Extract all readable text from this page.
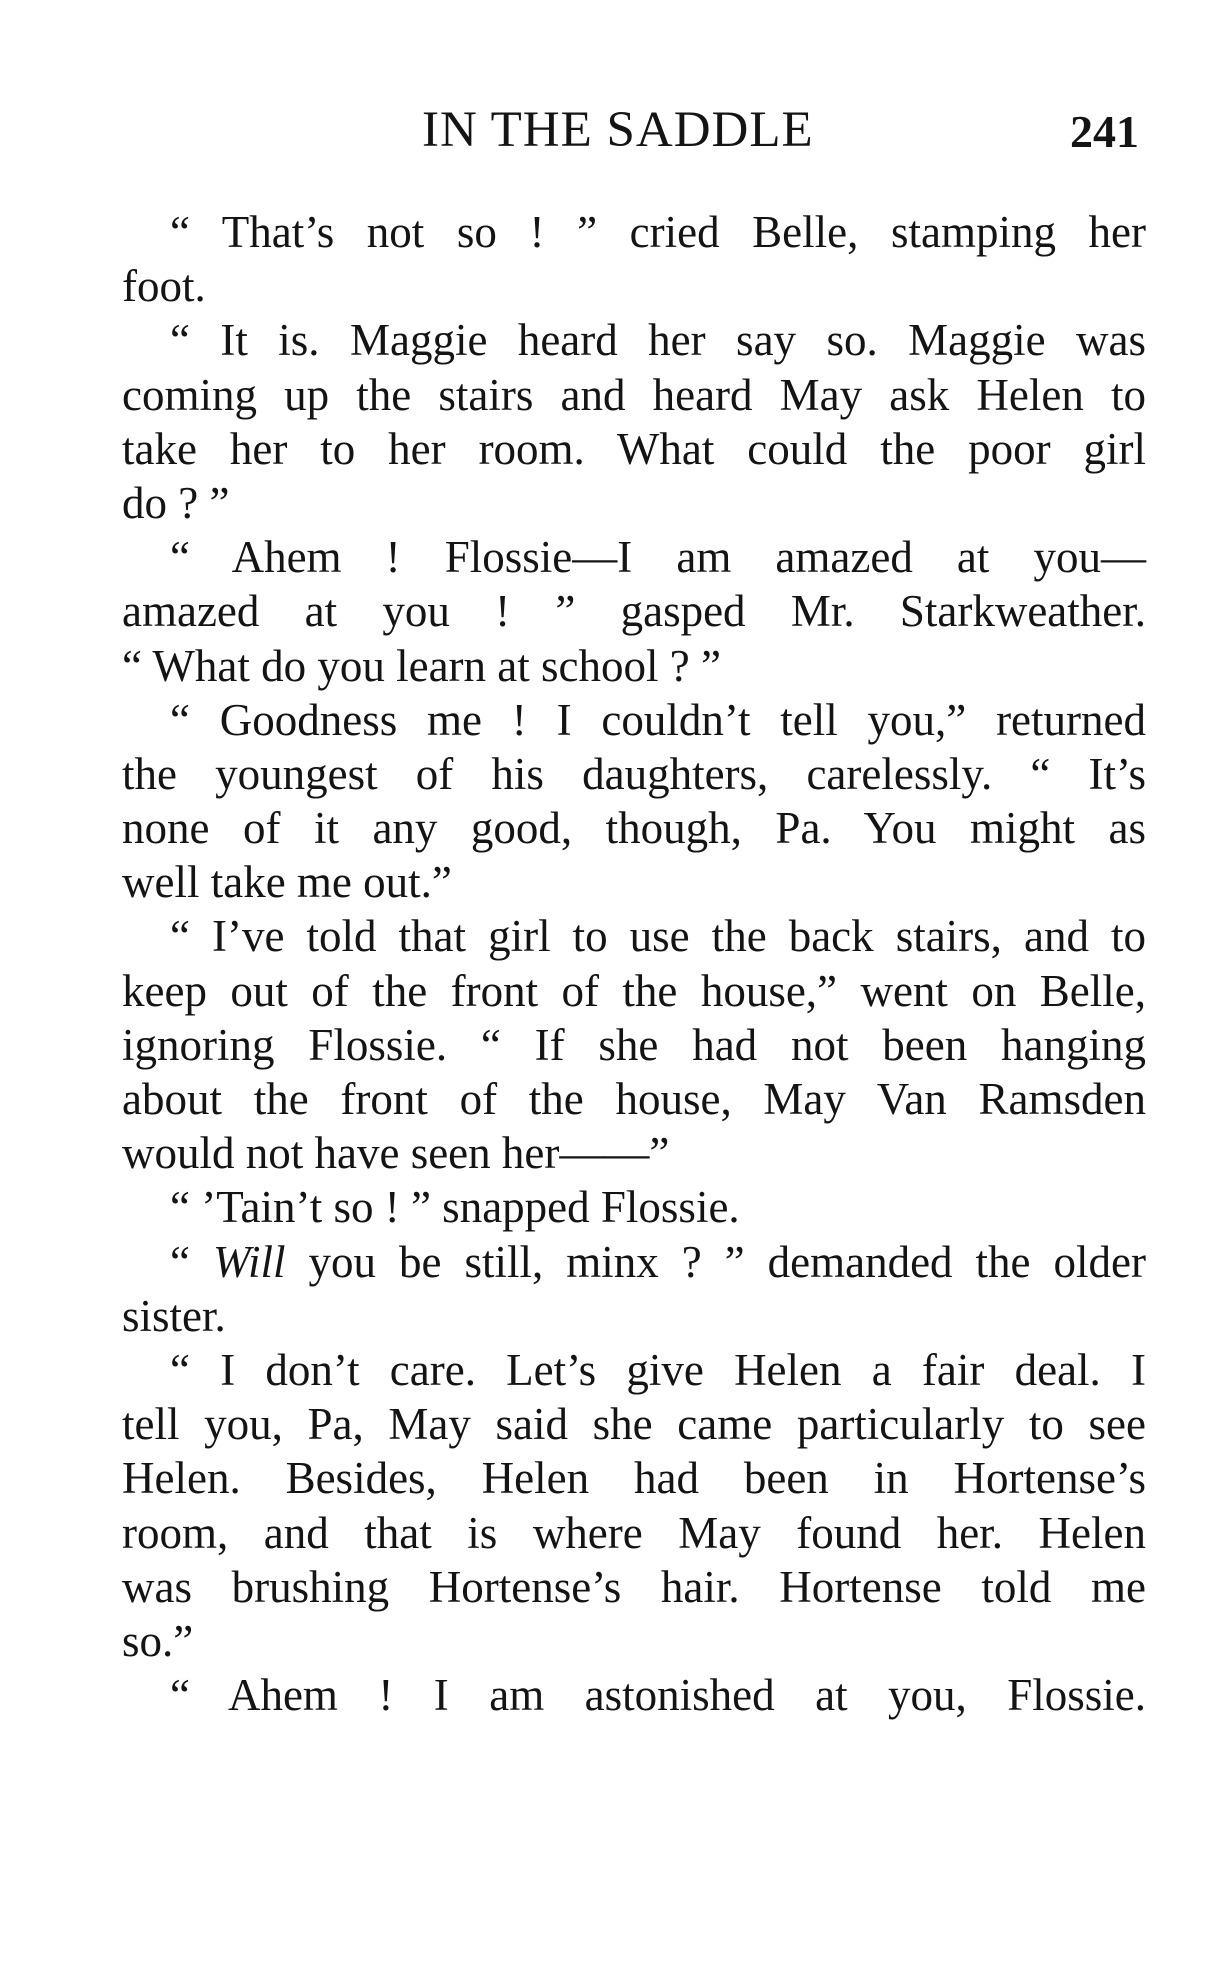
IN THE SADDLE	241
“ That’s not so ! ” cried Belle, stamping her
foot.
“ It is. Maggie heard her say so. Maggie was
coming up the stairs and heard May ask Helen to
take her to her room. What could the poor girl
do ? ”
“ Ahem ! Flossie—I am amazed at you—
amazed at you ! ” gasped Mr. Starkweather.
“ What do you learn at school ? ”
“ Goodness me ! I couldn’t tell you,” returned
the youngest of his daughters, carelessly. “ It’s
none of it any good, though, Pa. You might as
well take me out.”
“ I’ve told that girl to use the back stairs, and to
keep out of the front of the house,” went on Belle,
ignoring Flossie. “ If she had not been hanging
about the front of the house, May Van Ramsden
would not have seen her——”
“ ’Tain’t so ! ” snapped Flossie.
“ Will you be still, minx ? ” demanded the older
sister.
“ I don’t care. Let’s give Helen a fair deal. I
tell you, Pa, May said she came particularly to see
Helen. Besides, Helen had been in Hortense’s
room, and that is where May found her. Helen
was brushing Hortense’s hair. Hortense told me
so.”
“ Ahem ! I am astonished at you, Flossie.
